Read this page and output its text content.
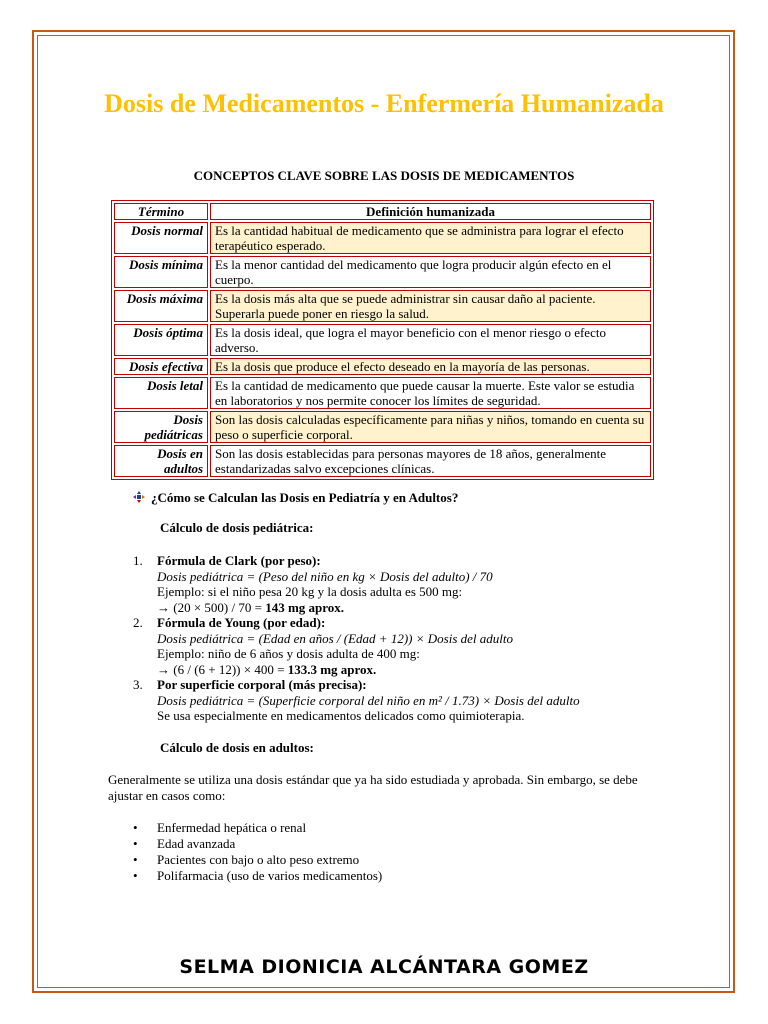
Dosis de Medicamentos - Enfermería Humanizada
CONCEPTOS CLAVE SOBRE LAS DOSIS DE MEDICAMENTOS
Término	Definición humanizada
Dosis normal	Es la cantidad habitual de medicamento que se administra para lograr el efecto terapéutico esperado.
Dosis mínima	Es la menor cantidad del medicamento que logra producir algún efecto en el cuerpo.
Dosis máxima	Es la dosis más alta que se puede administrar sin causar daño al paciente. Superarla puede poner en riesgo la salud.
Dosis óptima	Es la dosis ideal, que logra el mayor beneficio con el menor riesgo o efecto adverso.
Dosis efectiva	Es la dosis que produce el efecto deseado en la mayoría de las personas.
Dosis letal	Es la cantidad de medicamento que puede causar la muerte. Este valor se estudia en laboratorios y nos permite conocer los límites de seguridad.
Dosis pediátricas	Son las dosis calculadas específicamente para niñas y niños, tomando en cuenta su peso o superficie corporal.
Dosis en adultos	Son las dosis establecidas para personas mayores de 18 años, generalmente estandarizadas salvo excepciones clínicas.
¿Cómo se Calculan las Dosis en Pediatría y en Adultos?
Cálculo de dosis pediátrica:
1. Fórmula de Clark (por peso):
Dosis pediátrica = (Peso del niño en kg × Dosis del adulto) / 70
Ejemplo: si el niño pesa 20 kg y la dosis adulta es 500 mg:
→ (20 × 500) / 70 = 143 mg aprox.
2. Fórmula de Young (por edad):
Dosis pediátrica = (Edad en años / (Edad + 12)) × Dosis del adulto
Ejemplo: niño de 6 años y dosis adulta de 400 mg:
→ (6 / (6 + 12)) × 400 = 133.3 mg aprox.
3. Por superficie corporal (más precisa):
Dosis pediátrica = (Superficie corporal del niño en m² / 1.73) × Dosis del adulto
Se usa especialmente en medicamentos delicados como quimioterapia.
Cálculo de dosis en adultos:
Generalmente se utiliza una dosis estándar que ya ha sido estudiada y aprobada. Sin embargo, se debe ajustar en casos como:
• Enfermedad hepática o renal
• Edad avanzada
• Pacientes con bajo o alto peso extremo
• Polifarmacia (uso de varios medicamentos)
SELMA DIONICIA ALCÁNTARA GOMEZ
